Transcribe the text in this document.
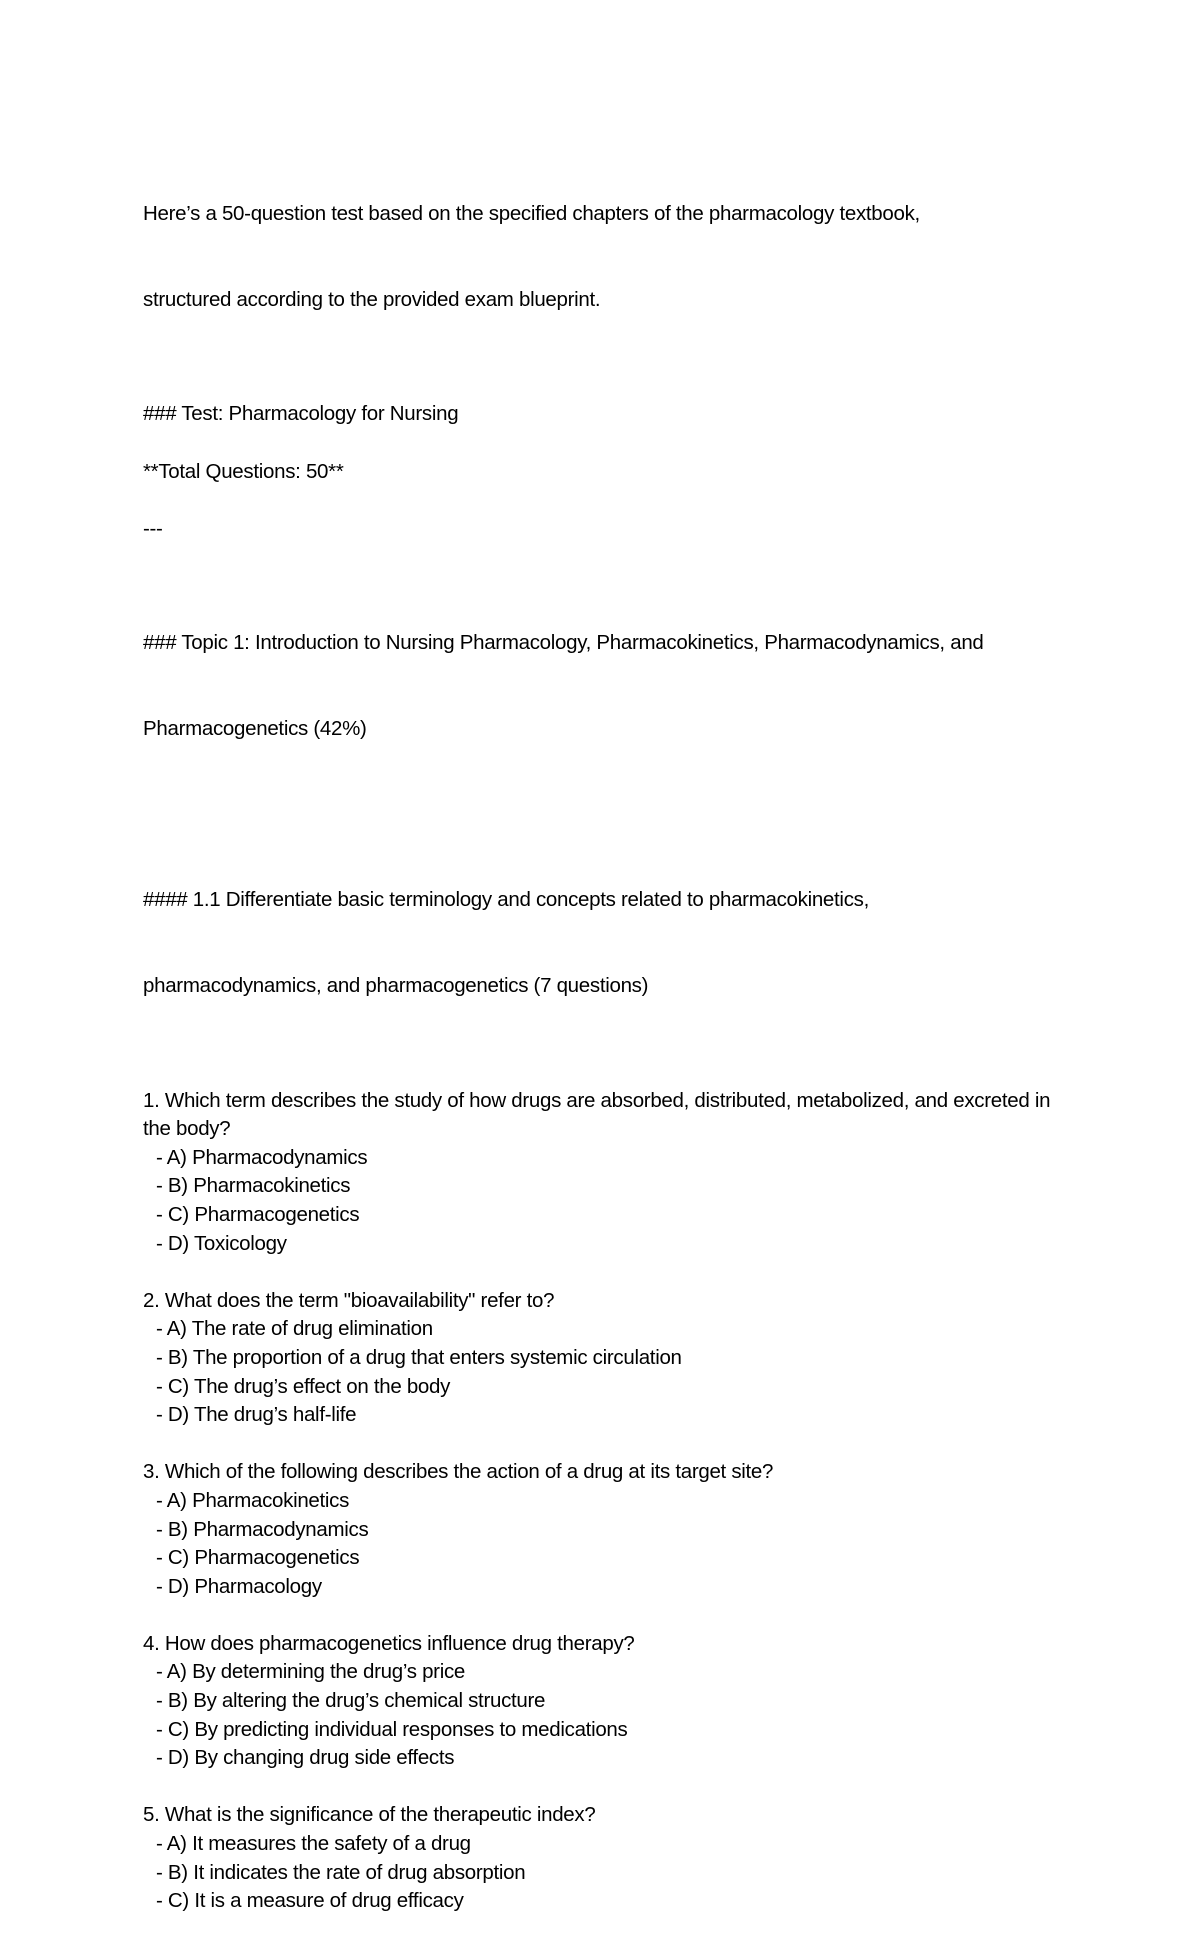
Here’s a 50-question test based on the specified chapters of the pharmacology textbook,

structured according to the provided exam blueprint.

### Test: Pharmacology for Nursing

**Total Questions: 50**

---

### Topic 1: Introduction to Nursing Pharmacology, Pharmacokinetics, Pharmacodynamics, and

Pharmacogenetics (42%)

#### 1.1 Differentiate basic terminology and concepts related to pharmacokinetics,

pharmacodynamics, and pharmacogenetics (7 questions)

1. Which term describes the study of how drugs are absorbed, distributed, metabolized, and excreted in the body?
- A) Pharmacodynamics
- B) Pharmacokinetics
- C) Pharmacogenetics
- D) Toxicology
2. What does the term "bioavailability" refer to?
- A) The rate of drug elimination
- B) The proportion of a drug that enters systemic circulation
- C) The drug’s effect on the body
- D) The drug’s half-life
3. Which of the following describes the action of a drug at its target site?
- A) Pharmacokinetics
- B) Pharmacodynamics
- C) Pharmacogenetics
- D) Pharmacology
4. How does pharmacogenetics influence drug therapy?
- A) By determining the drug’s price
- B) By altering the drug’s chemical structure
- C) By predicting individual responses to medications
- D) By changing drug side effects
5. What is the significance of the therapeutic index?
- A) It measures the safety of a drug
- B) It indicates the rate of drug absorption
- C) It is a measure of drug efficacy
